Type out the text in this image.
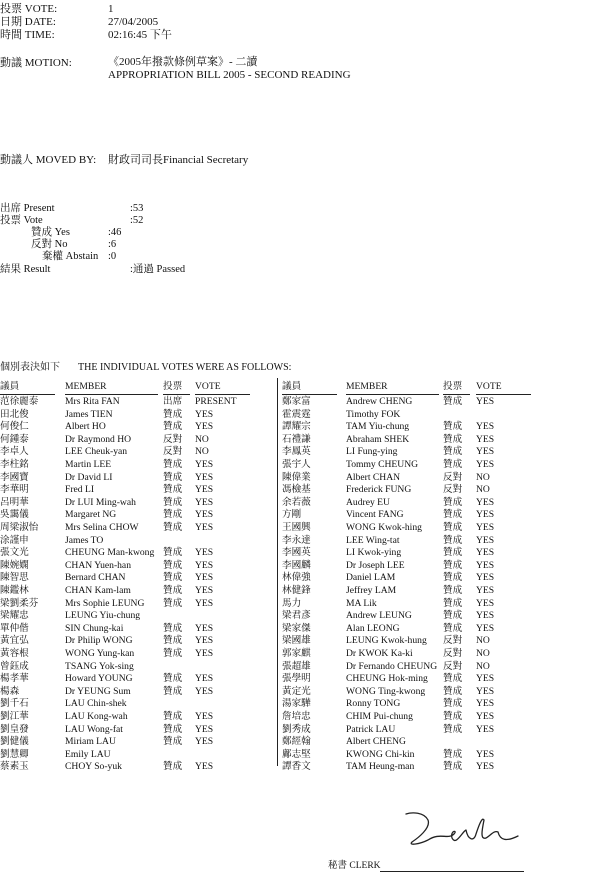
投票 VOTE:	1
日期 DATE:	27/04/2005
時間 TIME:	02:16:45 下午
動議 MOTION:	《2005年撥款條例草案》- 二讀
APPROPRIATION BILL 2005 - SECOND READING
動議人 MOVED BY: 財政司司長Financial Secretary
出席 Present	:53
投票 Vote	:52
贊成 Yes	:46
反對 No	:6
棄權 Abstain :0
結果 Result	:通過 Passed
個別表決如下 THE INDIVIDUAL VOTES WERE AS FOLLOWS:
議員	MEMBER	投票 VOTE	議員	MEMBER	投票 VOTE
范徐麗泰	Mrs Rita FAN	出席 PRESENT
田北俊	James TIEN	贊成 YES
何俊仁	Albert HO	贊成 YES
何鍾泰	Dr Raymond HO	反對 NO
李卓人	LEE Cheuk-yan	反對 NO
李柱銘	Martin LEE	贊成 YES
李國寶	Dr David LI	贊成 YES
李華明	Fred LI	贊成 YES
呂明華	Dr LUI Ming-wah	贊成 YES
吳靄儀	Margaret NG	贊成 YES
周梁淑怡	Mrs Selina CHOW	贊成 YES
涂謹申	James TO
張文光	CHEUNG Man-kwong 贊成 YES
陳婉嫻	CHAN Yuen-han	贊成 YES
陳智思	Bernard CHAN	贊成 YES
陳鑑林	CHAN Kam-lam	贊成 YES
梁劉柔芬	Mrs Sophie LEUNG 贊成 YES
梁耀忠	LEUNG Yiu-chung
單仲偕	SIN Chung-kai	贊成 YES
黃宜弘	Dr Philip WONG	贊成 YES
黃容根	WONG Yung-kan	贊成 YES
曾鈺成	TSANG Yok-sing
楊孝華	Howard YOUNG	贊成 YES
楊森	Dr YEUNG Sum	贊成 YES
劉千石	LAU Chin-shek
劉江華	LAU Kong-wah	贊成 YES
劉皇發	LAU Wong-fat	贊成 YES
劉健儀	Miriam LAU	贊成 YES
劉慧卿	Emily LAU
蔡素玉	CHOY So-yuk	贊成 YES
鄭家富	Andrew CHENG	贊成 YES
霍震霆	Timothy FOK
譚耀宗	TAM Yiu-chung	贊成 YES
石禮謙	Abraham SHEK	贊成 YES
李鳳英	LI Fung-ying	贊成 YES
張宇人	Tommy CHEUNG	贊成 YES
陳偉業	Albert CHAN	反對 NO
馮檢基	Frederick FUNG	反對 NO
余若薇	Audrey EU	贊成 YES
方剛	Vincent FANG	贊成 YES
王國興	WONG Kwok-hing 贊成 YES
李永達	LEE Wing-tat	贊成 YES
李國英	LI Kwok-ying	贊成 YES
李國麟	Dr Joseph LEE	贊成 YES
林偉強	Daniel LAM	贊成 YES
林健鋒	Jeffrey LAM	贊成 YES
馬力	MA Lik	贊成 YES
梁君彥	Andrew LEUNG	贊成 YES
梁家傑	Alan LEONG	贊成 YES
梁國雄	LEUNG Kwok-hung 反對 NO
郭家麒	Dr KWOK Ka-ki	反對 NO
張超雄	Dr Fernando CHEUNG 反對 NO
張學明	CHEUNG Hok-ming 贊成 YES
黃定光	WONG Ting-kwong 贊成 YES
湯家驊	Ronny TONG	贊成 YES
詹培忠	CHIM Pui-chung	贊成 YES
劉秀成	Patrick LAU	贊成 YES
鄭經翰	Albert CHENG
鄺志堅	KWONG Chi-kin	贊成 YES
譚香文	TAM Heung-man	贊成 YES
秘書 CLERK
